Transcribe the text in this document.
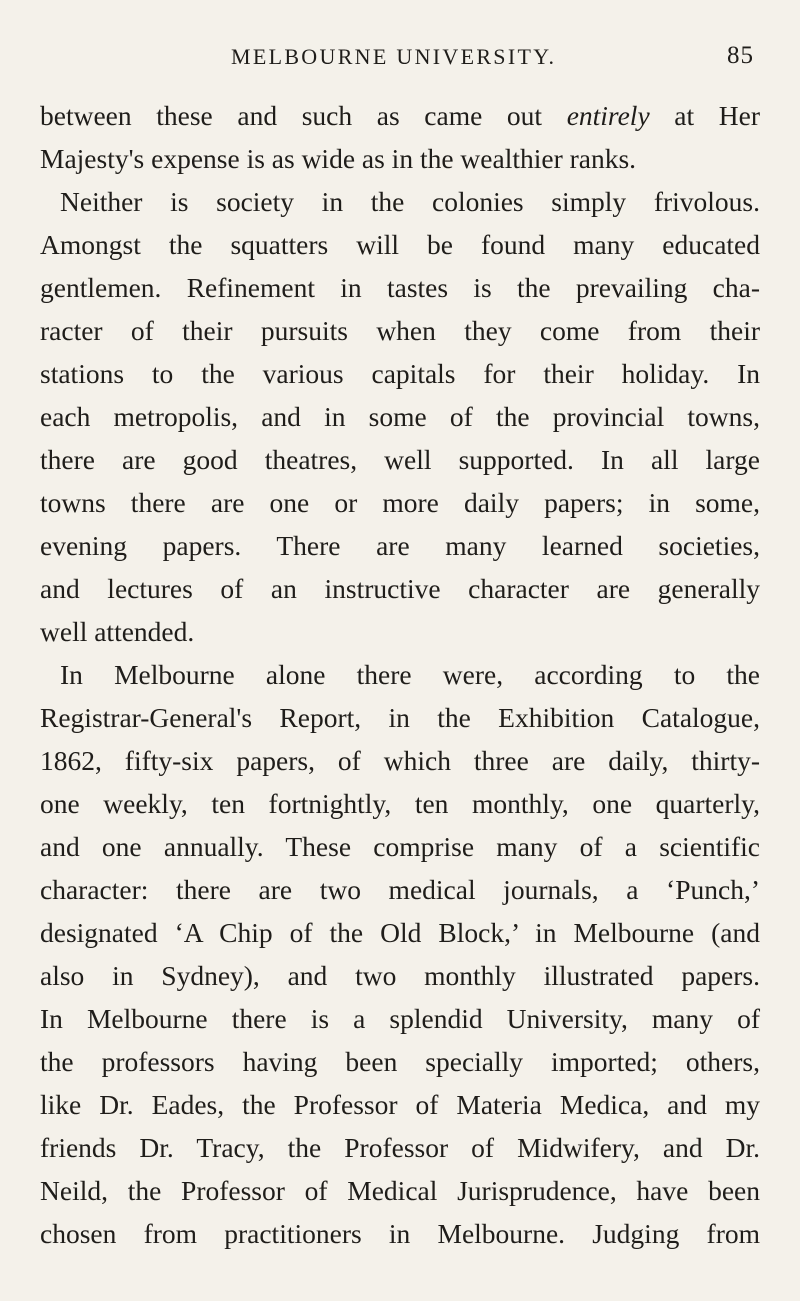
MELBOURNE UNIVERSITY.	85
between these and such as came out entirely at Her
Majesty's expense is as wide as in the wealthier ranks.
Neither is society in the colonies simply frivolous.
Amongst the squatters will be found many educated
gentlemen. Refinement in tastes is the prevailing cha-
racter of their pursuits when they come from their
stations to the various capitals for their holiday. In
each metropolis, and in some of the provincial towns,
there are good theatres, well supported. In all large
towns there are one or more daily papers; in some,
evening papers. There are many learned societies,
and lectures of an instructive character are generally
well attended.
In Melbourne alone there were, according to the
Registrar-General's Report, in the Exhibition Catalogue,
1862, fifty-six papers, of which three are daily, thirty-
one weekly, ten fortnightly, ten monthly, one quarterly,
and one annually. These comprise many of a scientific
character: there are two medical journals, a ‘Punch,’
designated ‘A Chip of the Old Block,’ in Melbourne (and
also in Sydney), and two monthly illustrated papers.
In Melbourne there is a splendid University, many of
the professors having been specially imported; others,
like Dr. Eades, the Professor of Materia Medica, and my
friends Dr. Tracy, the Professor of Midwifery, and Dr.
Neild, the Professor of Medical Jurisprudence, have been
chosen from practitioners in Melbourne. Judging from
